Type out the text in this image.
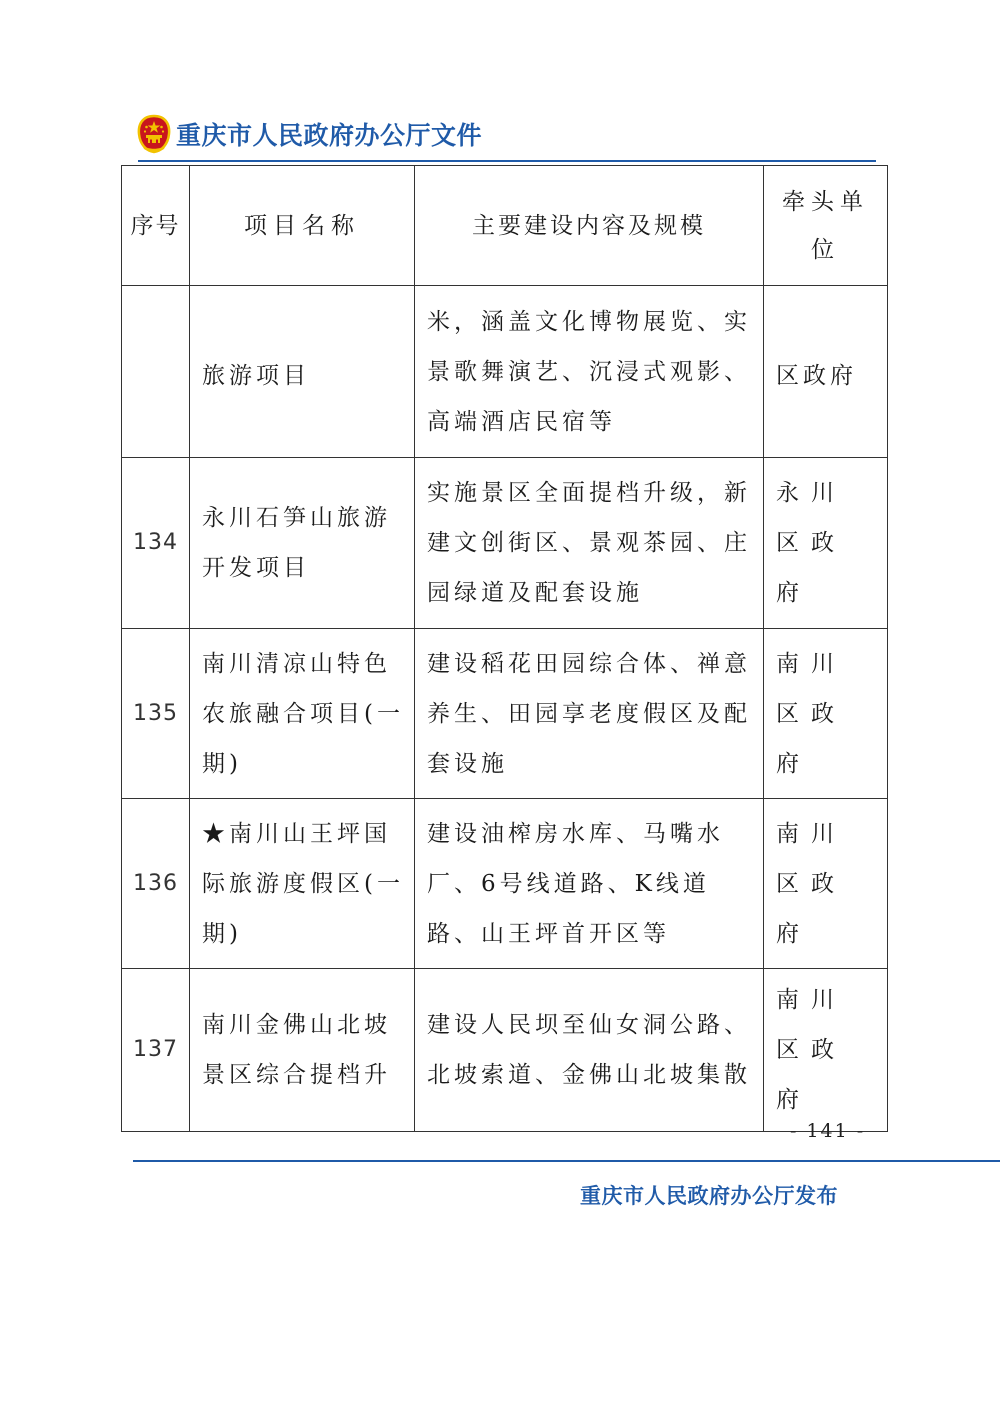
重庆市人民政府办公厅文件
序号	项目名称	主要建设内容及规模	牵头单位

	旅游项目	米，涵盖文化博物展览、实景歌舞演艺、沉浸式观影、高端酒店民宿等	区政府

134	永川石笋山旅游开发项目	实施景区全面提档升级，新建文创街区、景观茶园、庄园绿道及配套设施	永川区政府

135	南川清凉山特色农旅融合项目(一期)	建设稻花田园综合体、禅意养生、田园享老度假区及配套设施	南川区政府

136	★南川山王坪国际旅游度假区(一期)	建设油榨房水库、马嘴水厂、6号线道路、K线道路、山王坪首开区等	南川区政府

137	南川金佛山北坡景区综合提档升	建设人民坝至仙女洞公路、北坡索道、金佛山北坡集散	南川区政府
- 141 -
重庆市人民政府办公厅发布
